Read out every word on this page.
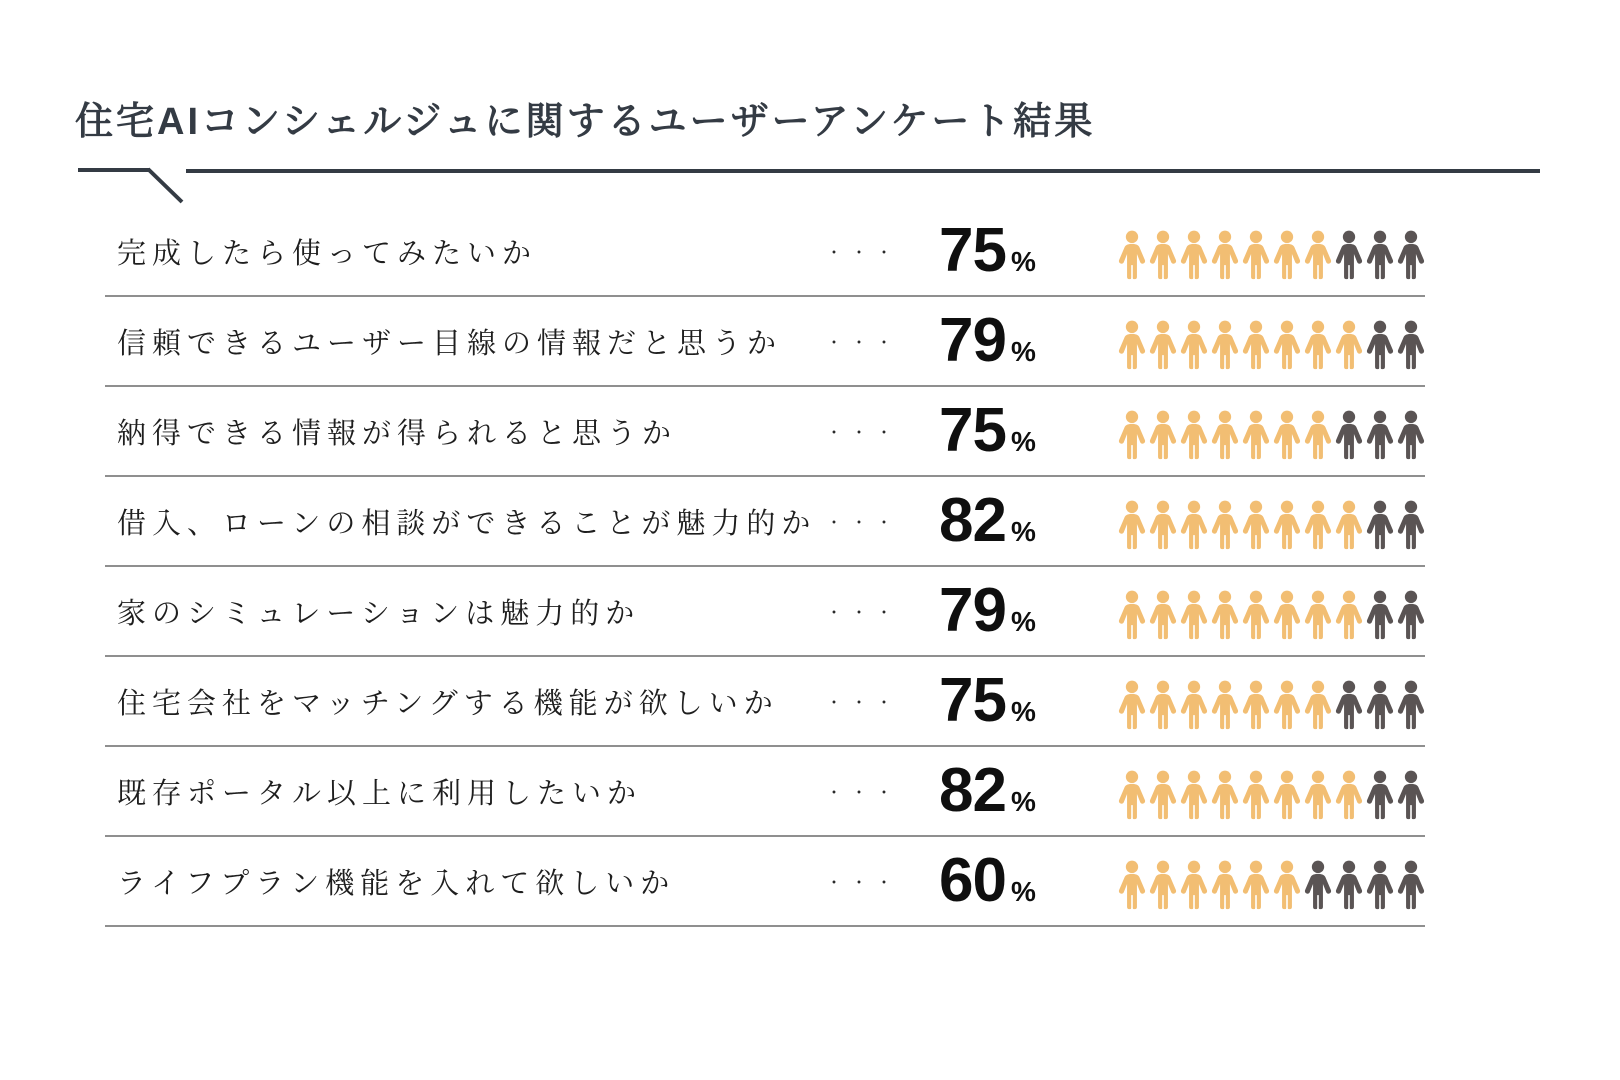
住宅AIコンシェルジュに関するユーザーアンケート結果
完成したら使ってみたいか	・・・ 75 %
信頼できるユーザー目線の情報だと思うか	・・・ 79 %
納得できる情報が得られると思うか	・・・ 75 %
借入、ローンの相談ができることが魅力的か ・・・ 82 %
家のシミュレーションは魅力的か	・・・ 79 %
住宅会社をマッチングする機能が欲しいか	・・・ 75 %
既存ポータル以上に利用したいか	・・・ 82 %
ライフプラン機能を入れて欲しいか	・・・ 60 %
